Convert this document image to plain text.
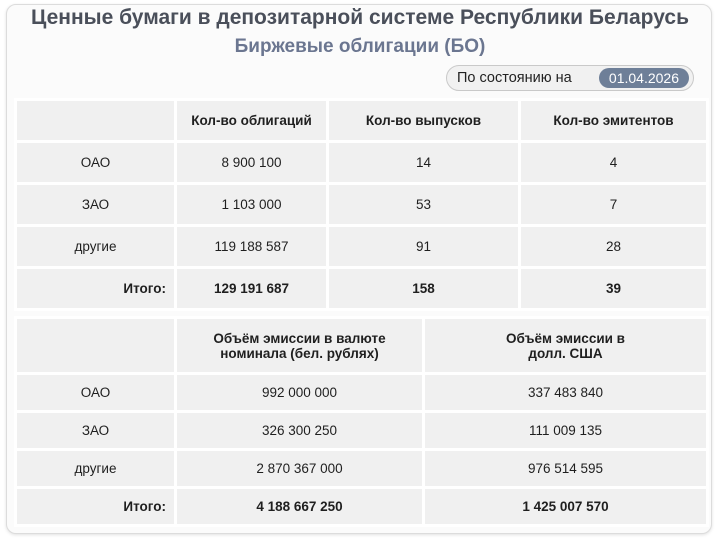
Ценные бумаги в депозитарной системе Республики Беларусь
Биржевые облигации (БО)
По состоянию на	01.04.2026
	Кол-во облигаций	Кол-во выпусков	Кол-во эмитентов
ОАО	8 900 100	14	4
ЗАО	1 103 000	53	7
другие	119 188 587	91	28
Итого:	129 191 687	158	39
	Объём эмиссии в валюте номинала (бел. рублях)	Объём эмиссии в долл. США
ОАО	992 000 000	337 483 840
ЗАО	326 300 250	111 009 135
другие	2 870 367 000	976 514 595
Итого:	4 188 667 250	1 425 007 570
